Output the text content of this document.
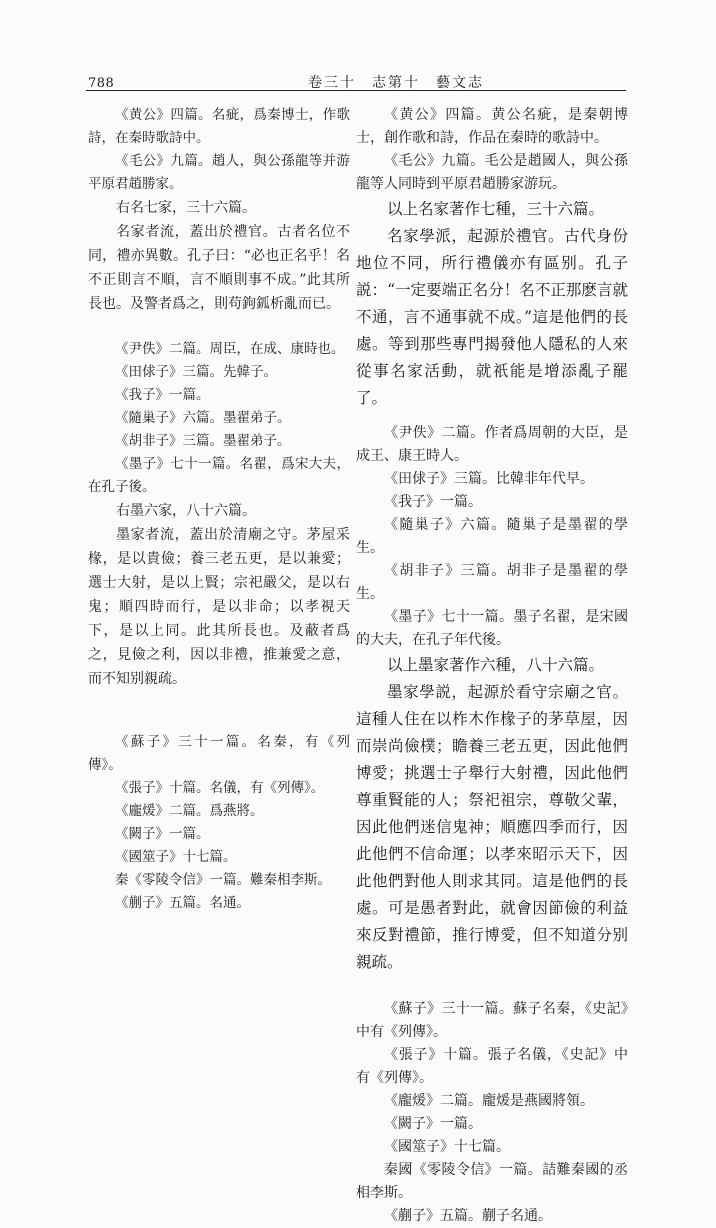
788	卷三十　志第十　藝文志

《黄公》四篇。名疵，爲秦博士，作歌詩，在秦時歌詩中。

《毛公》九篇。趙人，與公孫龍等并游平原君趙勝家。

右名七家，三十六篇。

名家者流，蓋出於禮官。古者名位不同，禮亦異數。孔子曰：“必也正名乎！名不正則言不順，言不順則事不成。”此其所長也。及警者爲之，則苟鉤鈲析亂而已。

《尹佚》二篇。周臣，在成、康時也。

《田俅子》三篇。先韓子。

《我子》一篇。

《隨巢子》六篇。墨翟弟子。

《胡非子》三篇。墨翟弟子。

《墨子》七十一篇。名翟，爲宋大夫，在孔子後。

右墨六家，八十六篇。

墨家者流，蓋出於清廟之守。茅屋采椽，是以貴儉；養三老五更，是以兼愛；選士大射，是以上賢；宗祀嚴父，是以右鬼；順四時而行，是以非命；以孝視天下，是以上同。此其所長也。及蔽者爲之，見儉之利，因以非禮，推兼愛之意，而不知别親疏。

《蘇子》三十一篇。名秦，有《列傳》。

《張子》十篇。名儀，有《列傳》。

《龐煖》二篇。爲燕將。

《闕子》一篇。

《國筮子》十七篇。

秦《零陵令信》一篇。難秦相李斯。

《蒯子》五篇。名通。

《黄公》四篇。黄公名疵，是秦朝博士，創作歌和詩，作品在秦時的歌詩中。

《毛公》九篇。毛公是趙國人，與公孫龍等人同時到平原君趙勝家游玩。

以上名家著作七種，三十六篇。

名家學派，起源於禮官。古代身份地位不同，所行禮儀亦有區别。孔子説：“一定要端正名分！名不正那麽言就不通，言不通事就不成。”這是他們的長處。等到那些專門揭發他人隱私的人來從事名家活動，就祇能是增添亂子罷了。

《尹佚》二篇。作者爲周朝的大臣，是成王、康王時人。

《田俅子》三篇。比韓非年代早。

《我子》一篇。

《隨巢子》六篇。隨巢子是墨翟的學生。

《胡非子》三篇。胡非子是墨翟的學生。

《墨子》七十一篇。墨子名翟，是宋國的大夫，在孔子年代後。

以上墨家著作六種，八十六篇。

墨家學説，起源於看守宗廟之官。這種人住在以柞木作椽子的茅草屋，因而崇尚儉樸；瞻養三老五更，因此他們博愛；挑選士子舉行大射禮，因此他們尊重賢能的人；祭祀祖宗，尊敬父輩，因此他們迷信鬼神；順應四季而行，因此他們不信命運；以孝來昭示天下，因此他們對他人則求其同。這是他們的長處。可是愚者對此，就會因節儉的利益來反對禮節，推行博愛，但不知道分别親疏。

《蘇子》三十一篇。蘇子名秦，《史記》中有《列傳》。

《張子》十篇。張子名儀，《史記》中有《列傳》。

《龐煖》二篇。龐煖是燕國將領。

《闕子》一篇。

《國筮子》十七篇。

秦國《零陵令信》一篇。詰難秦國的丞相李斯。

《蒯子》五篇。蒯子名通。
